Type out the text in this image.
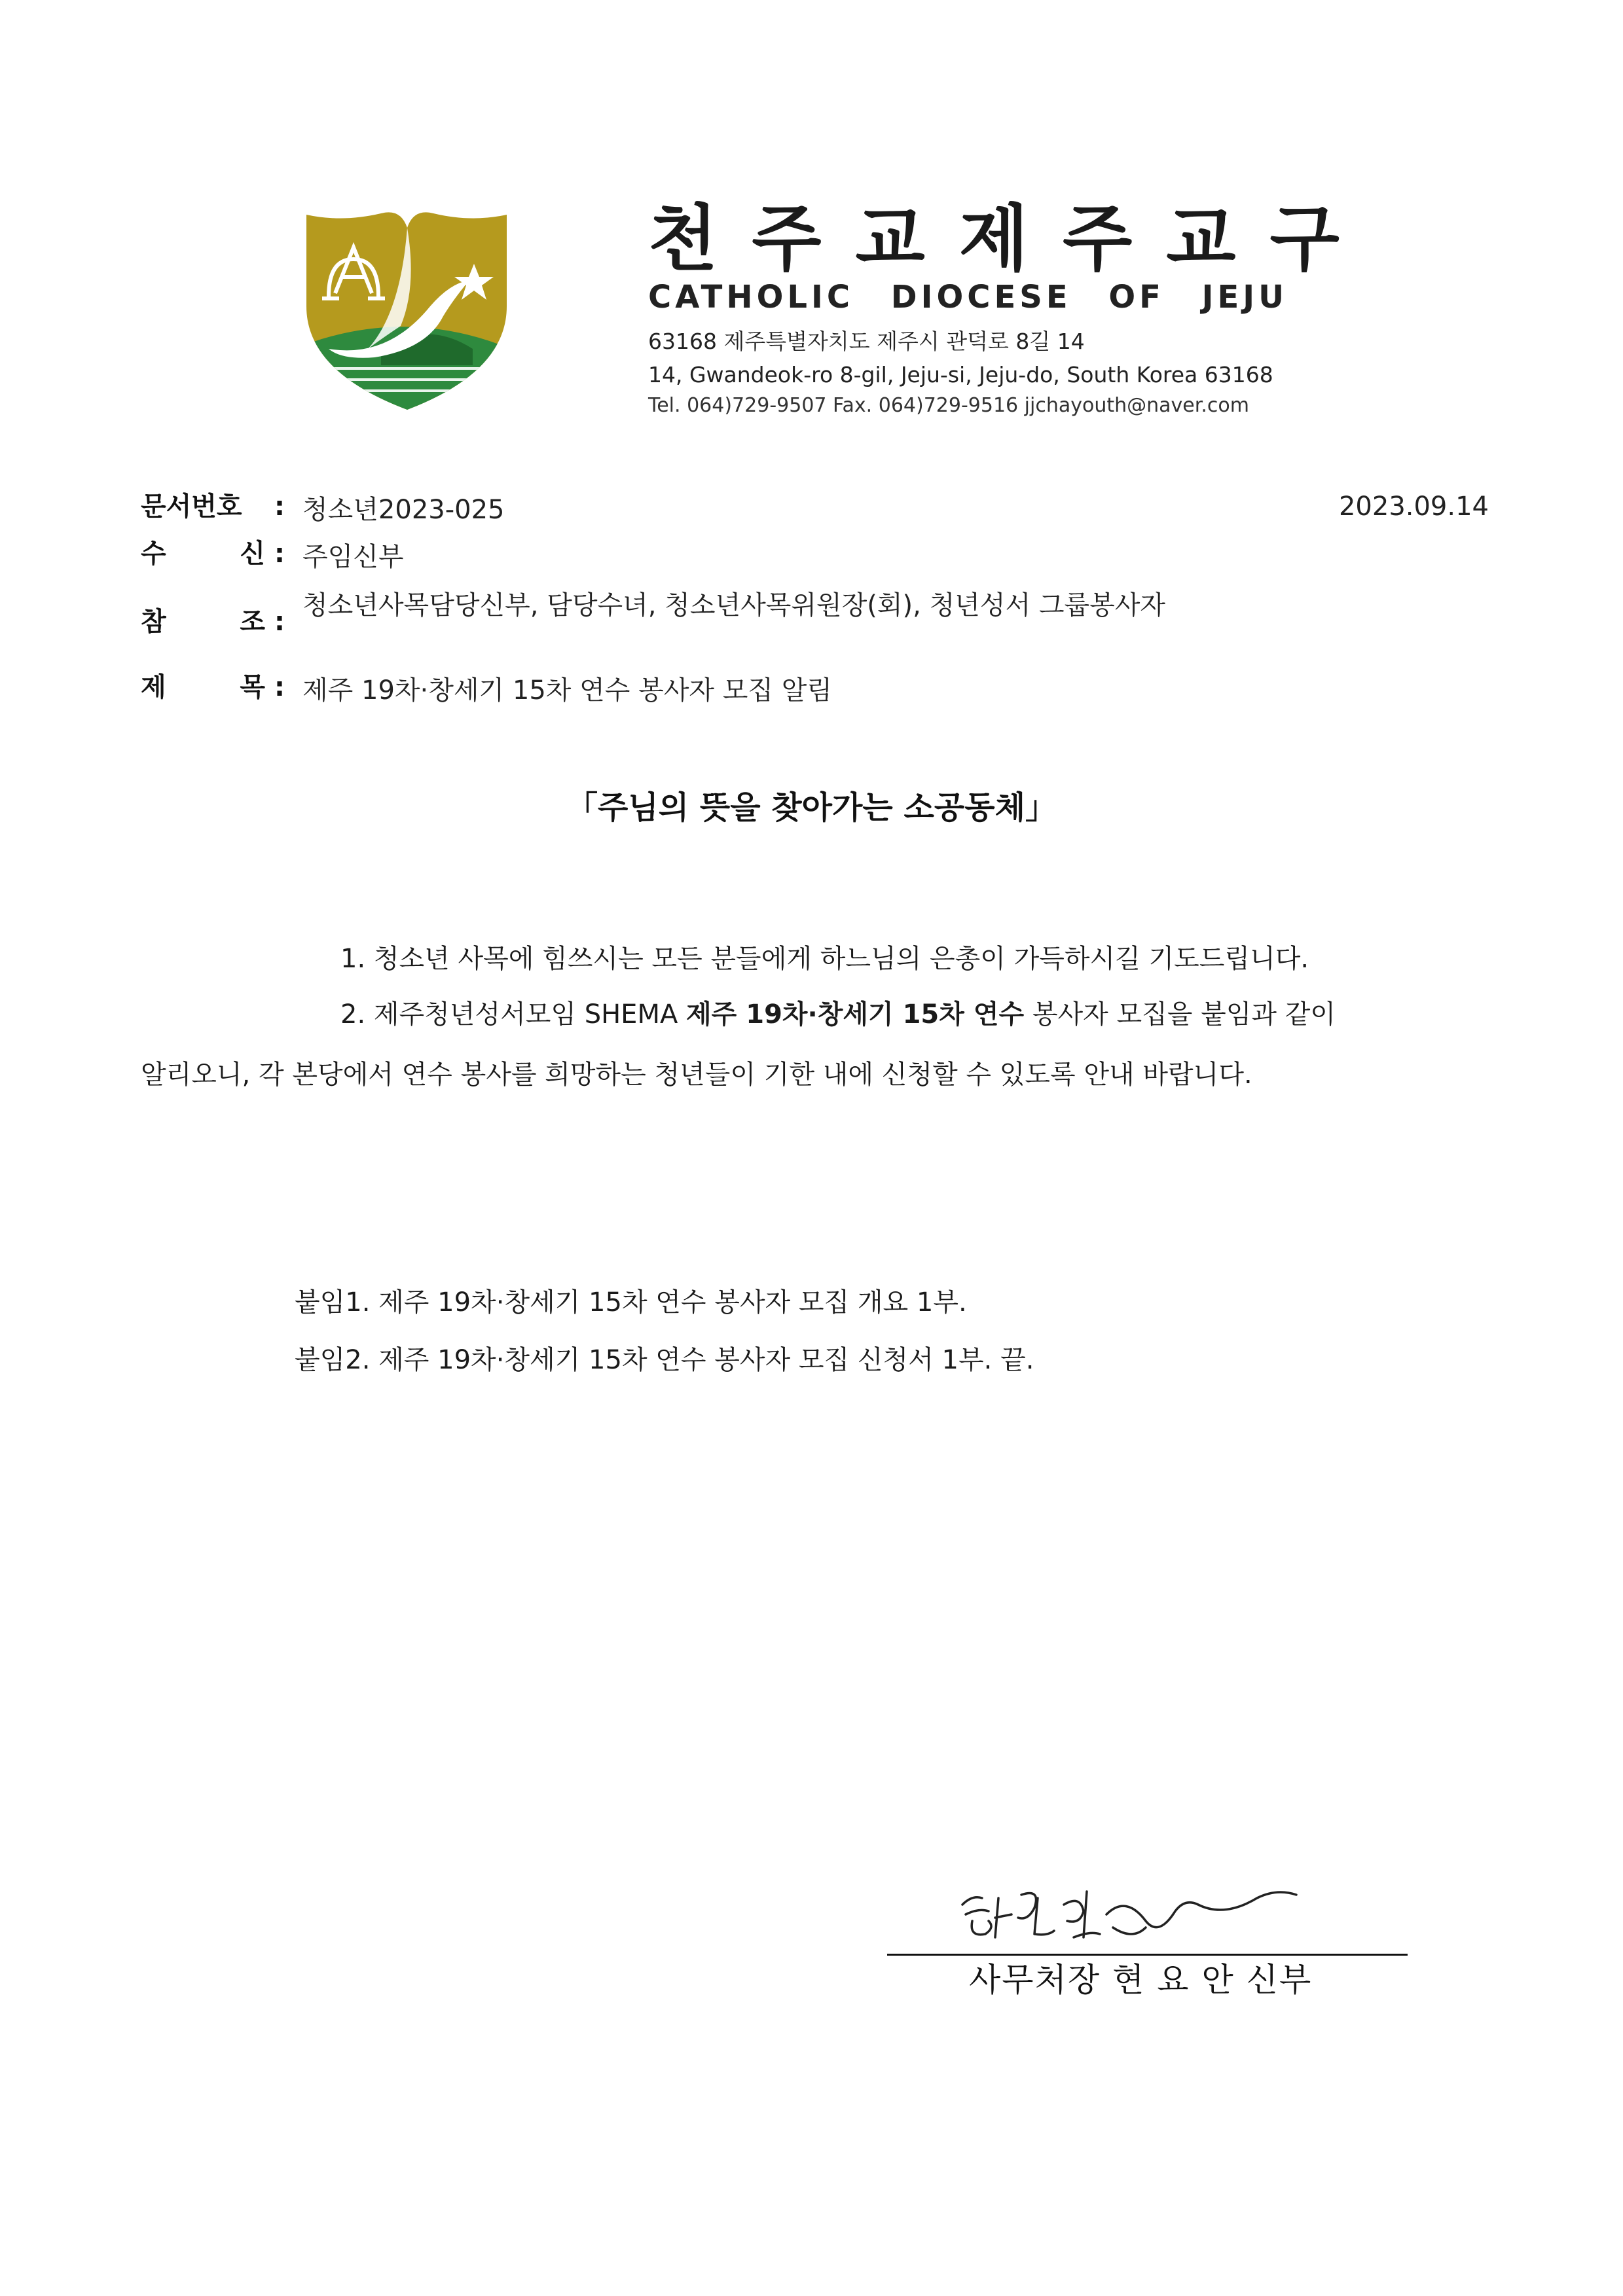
천주교제주교구
CATHOLIC DIOCESE OF JEJU
63168 제주특별자치도 제주시 관덕로 8길 14
14, Gwandeok-ro 8-gil, Jeju-si, Jeju-do, South Korea 63168
Tel. 064)729-9507 Fax. 064)729-9516 jjchayouth@naver.com
문서번호 : 청소년2023-025	2023.09.14
수 신 : 주임신부
참 조 :
청소년사목담당신부, 담당수녀, 청소년사목위원장(회), 청년성서 그룹봉사자
제 목 : 제주 19차·창세기 15차 연수 봉사자 모집 알림
「주님의 뜻을 찾아가는 소공동체」
1. 청소년 사목에 힘쓰시는 모든 분들에게 하느님의 은총이 가득하시길 기도드립니다.
2. 제주청년성서모임 SHEMA 제주 19차·창세기 15차 연수 봉사자 모집을 붙임과 같이
알리오니, 각 본당에서 연수 봉사를 희망하는 청년들이 기한 내에 신청할 수 있도록 안내 바랍니다.
붙임1. 제주 19차·창세기 15차 연수 봉사자 모집 개요 1부.
붙임2. 제주 19차·창세기 15차 연수 봉사자 모집 신청서 1부. 끝.
사무처장 현 요 안 신부
